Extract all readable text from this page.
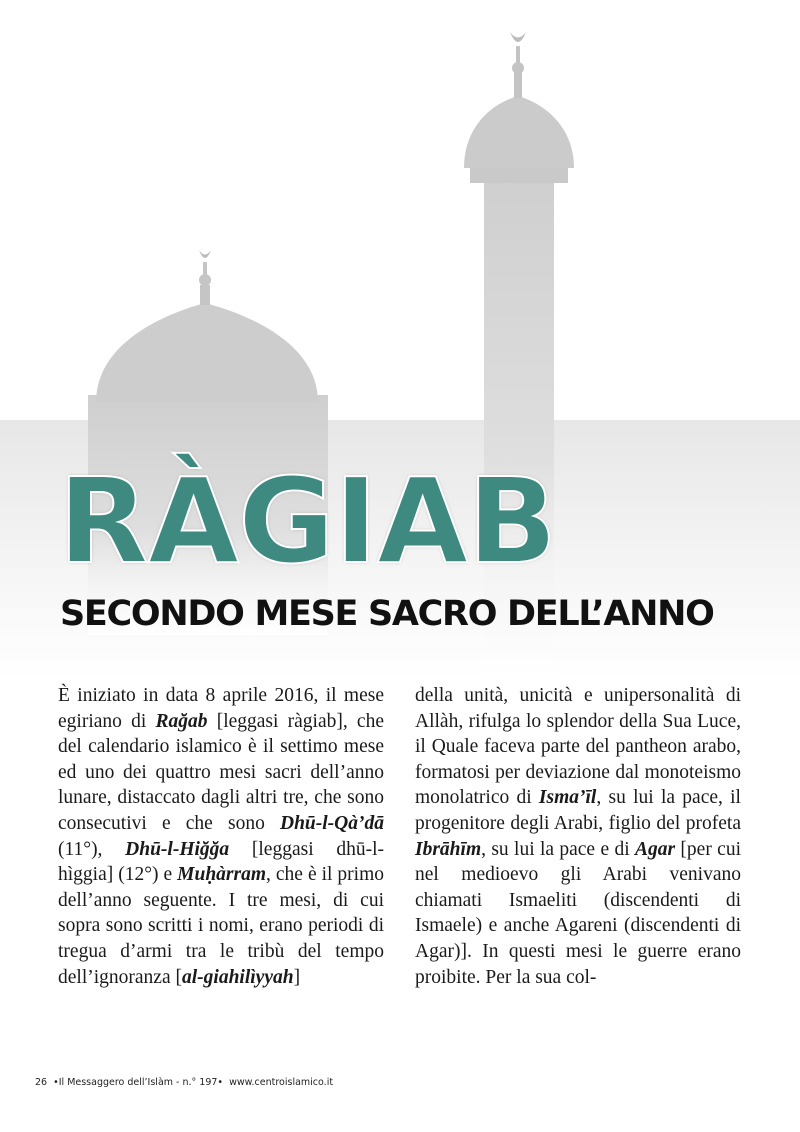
RÀGIAB
SECONDO MESE SACRO DELL’ANNO

È iniziato in data 8 aprile 2016, il mese egiriano di Rağab [leggasi ràgiab], che del calendario islamico è il settimo mese ed uno dei quattro mesi sacri dell’anno lunare, distaccato dagli altri tre, che sono consecutivi e che sono Dhū-l-Qà’dā (11°), Dhū-l-Hiğğa [leggasi dhū-l-hìggia] (12°) e Muḥàrram, che è il primo dell’anno seguente. I tre mesi, di cui sopra sono scritti i nomi, erano periodi di tregua d’armi tra le tribù del tempo dell’ignoranza [al-giahilìyyah]

della unità, unicità e unipersonalità di Allàh, rifulga lo splendor della Sua Luce, il Quale faceva parte del pantheon arabo, formatosi per deviazione dal monoteismo monolatrico di Isma’īl, su lui la pace, il progenitore degli Arabi, figlio del profeta Ibrāhīm, su lui la pace e di Agar [per cui nel medioevo gli Arabi venivano chiamati Ismaeliti (discendenti di Ismaele) e anche Agareni (discendenti di Agar)]. In questi mesi le guerre erano proibite. Per la sua col-

26 •Il Messaggero dell’Islàm - n.° 197• www.centroislamico.it
